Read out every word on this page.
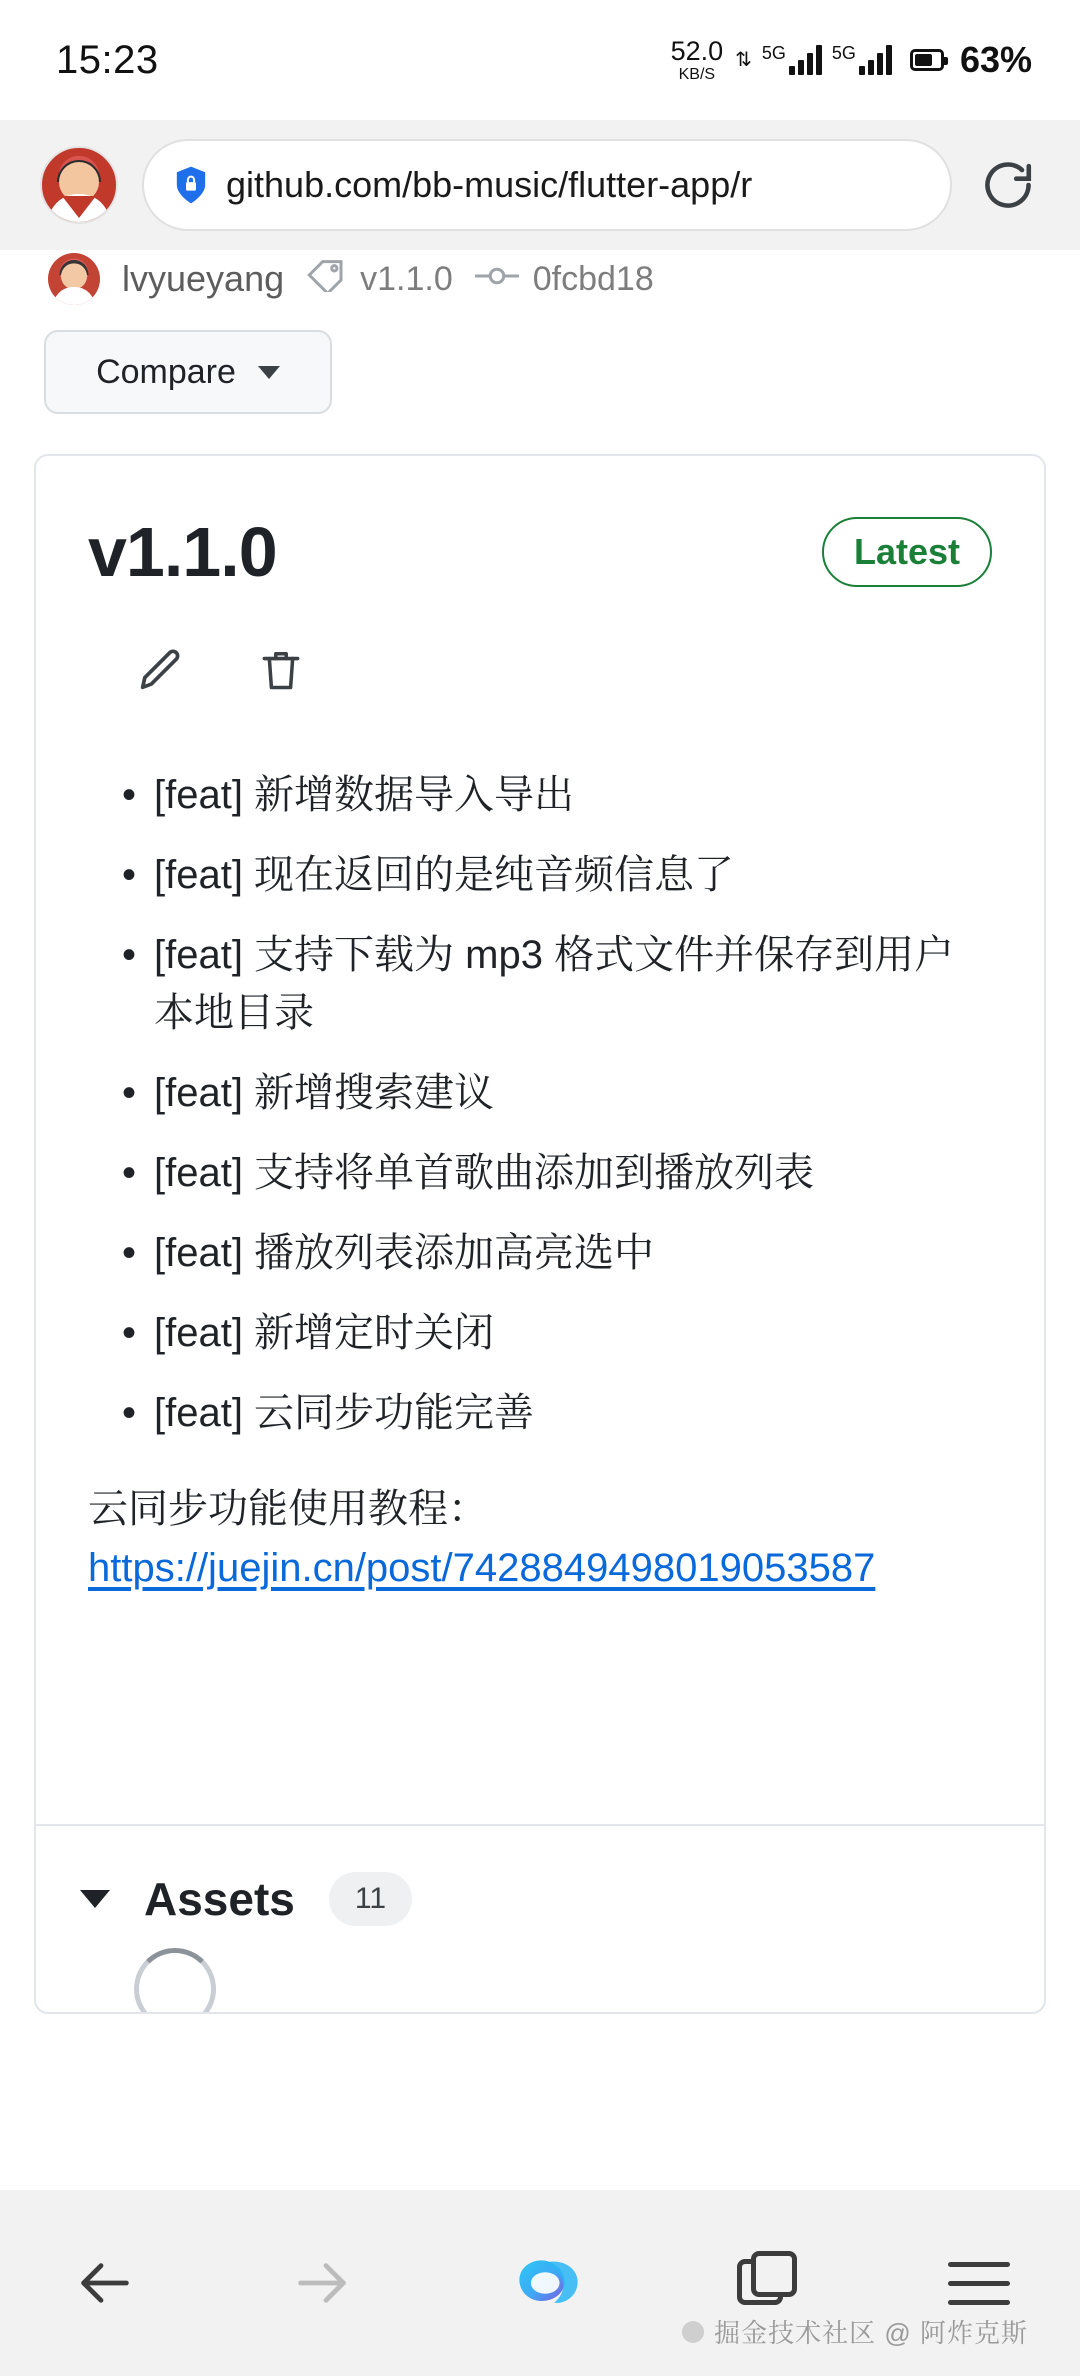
15:23	52.0
KB/S
⇅ 5G	5G	63%
github.com/bb-music/flutter-app/r
lvyueyang v1.1.0 0fcbd18
Compare
v1.1.0	Latest
• [feat] 新增数据导入导出
• [feat] 现在返回的是纯音频信息了
• [feat] 支持下载为 mp3 格式文件并保存到用户本地目录
• [feat] 新增搜索建议
• [feat] 支持将单首歌曲添加到播放列表
• [feat] 播放列表添加高亮选中
• [feat] 新增定时关闭
• [feat] 云同步功能完善
云同步功能使用教程：
https://juejin.cn/post/7428849498019053587
Assets	11
掘金技术社区 @ 阿炸克斯
